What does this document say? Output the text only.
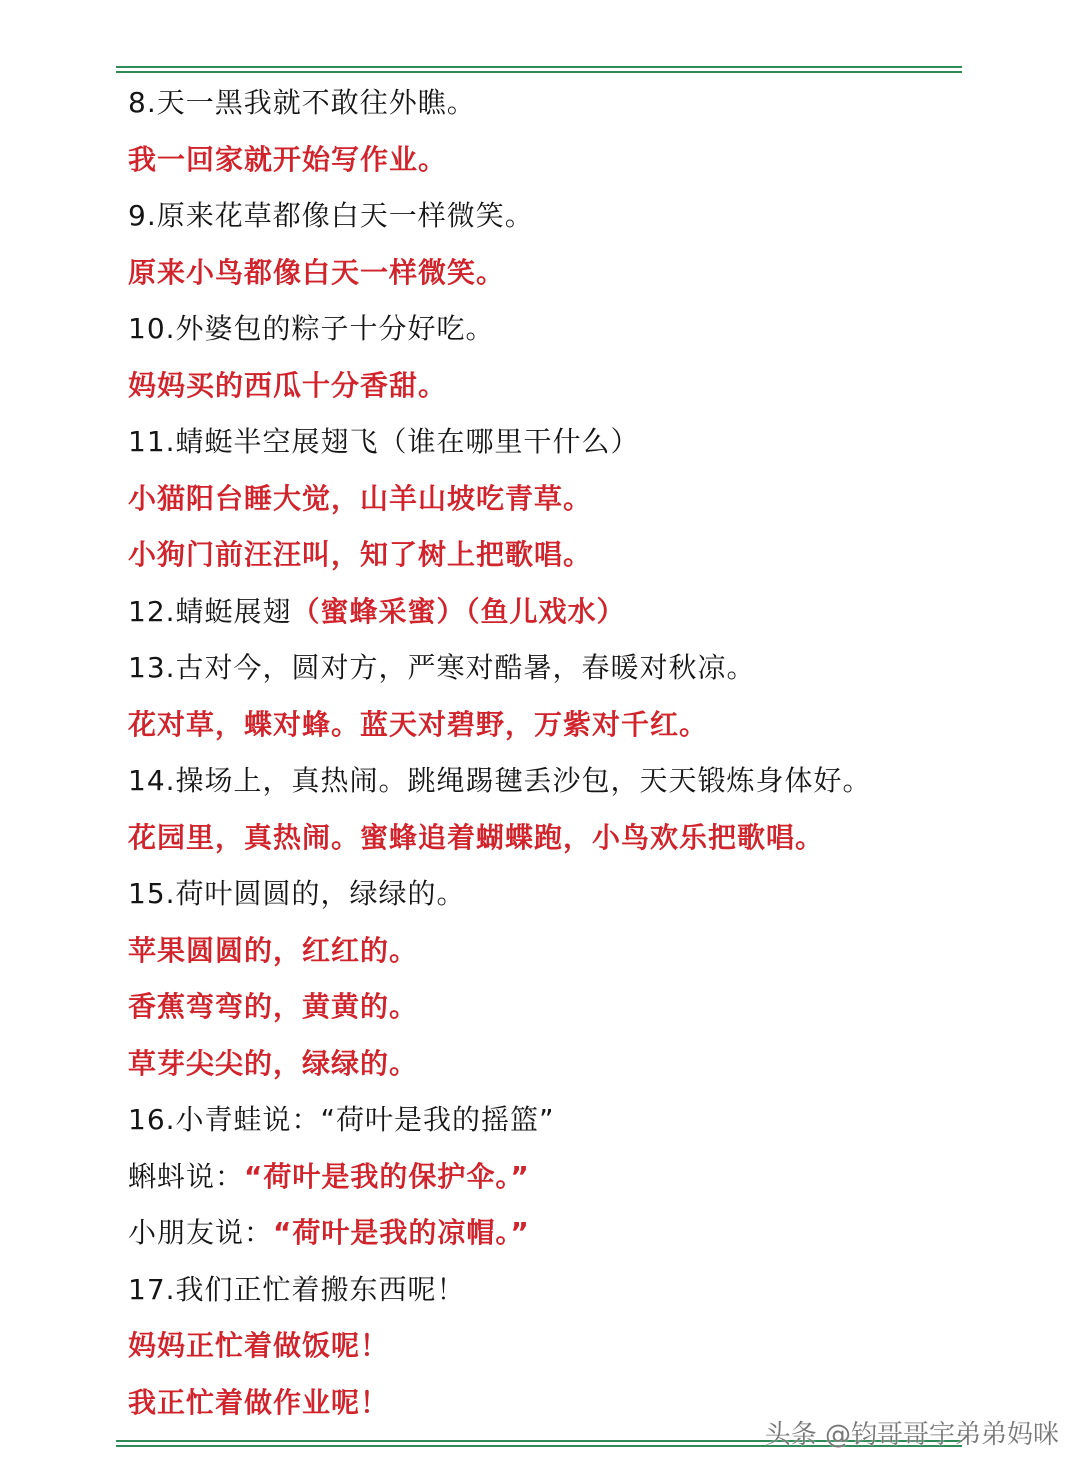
8.天一黑我就不敢往外瞧。
我一回家就开始写作业。
9.原来花草都像白天一样微笑。
原来小鸟都像白天一样微笑。
10.外婆包的粽子十分好吃。
妈妈买的西瓜十分香甜。
11.蜻蜓半空展翅飞（谁在哪里干什么）
小猫阳台睡大觉，山羊山坡吃青草。
小狗门前汪汪叫，知了树上把歌唱。
12.蜻蜓展翅 （蜜蜂采蜜）（鱼儿戏水）
13.古对今，圆对方，严寒对酷暑，春暖对秋凉。
花对草，蝶对蜂。蓝天对碧野，万紫对千红。
14.操场上，真热闹。跳绳踢毽丢沙包，天天锻炼身体好。
花园里，真热闹。蜜蜂追着蝴蝶跑，小鸟欢乐把歌唱。
15.荷叶圆圆的，绿绿的。
苹果圆圆的，红红的。
香蕉弯弯的，黄黄的。
草芽尖尖的，绿绿的。
16.小青蛙说：“荷叶是我的摇篮”
蝌蚪说： “荷叶是我的保护伞。”
小朋友说： “荷叶是我的凉帽。”
17.我们正忙着搬东西呢！
妈妈正忙着做饭呢！
我正忙着做作业呢！
头条 @钧哥哥宇弟弟妈咪
